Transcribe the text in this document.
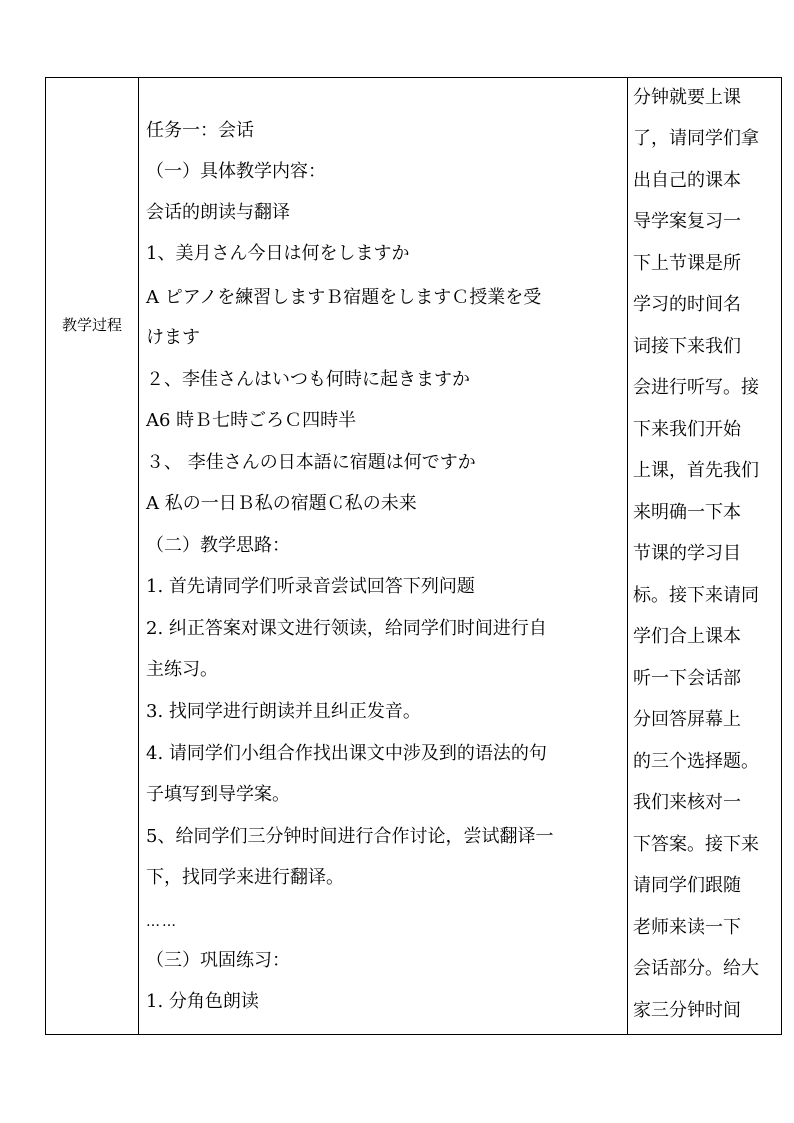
教学过程
任务一：会话
（一）具体教学内容：
会话的朗读与翻译
1、美月さん今日は何をしますか
A ピアノを練習しますＢ宿題をしますＣ授業を受
けます
２、李佳さんはいつも何時に起きますか
A6 時Ｂ七時ごろＣ四時半
３、 李佳さんの日本語に宿題は何ですか
A 私の一日Ｂ私の宿題Ｃ私の未来
（二）教学思路：
1. 首先请同学们听录音尝试回答下列问题
2. 纠正答案对课文进行领读，给同学们时间进行自
主练习。
3. 找同学进行朗读并且纠正发音。
4. 请同学们小组合作找出课文中涉及到的语法的句
子填写到导学案。
5、给同学们三分钟时间进行合作讨论，尝试翻译一
下，找同学来进行翻译。
……
（三）巩固练习：
1. 分角色朗读
分钟就要上课
了，请同学们拿
出自己的课本
导学案复习一
下上节课是所
学习的时间名
词接下来我们
会进行听写。接
下来我们开始
上课，首先我们
来明确一下本
节课的学习目
标。接下来请同
学们合上课本
听一下会话部
分回答屏幕上
的三个选择题。
我们来核对一
下答案。接下来
请同学们跟随
老师来读一下
会话部分。给大
家三分钟时间
